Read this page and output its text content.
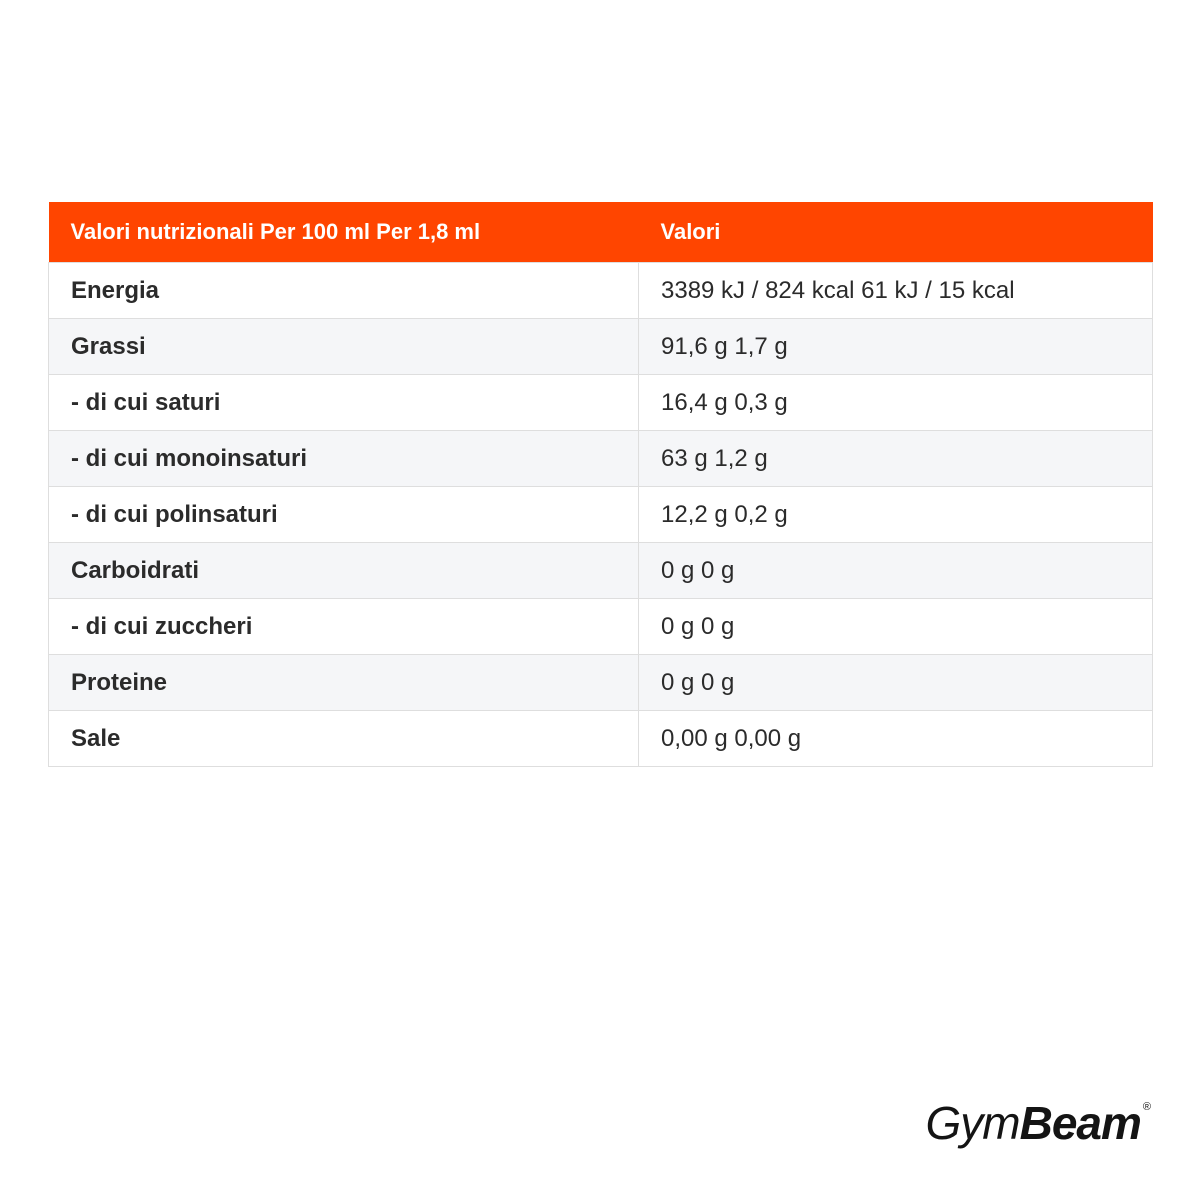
Valori nutrizionali Per 100 ml Per 1,8 ml	Valori
Energia	3389 kJ / 824 kcal 61 kJ / 15 kcal
Grassi	91,6 g 1,7 g
- di cui saturi	16,4 g 0,3 g
- di cui monoinsaturi	63 g 1,2 g
- di cui polinsaturi	12,2 g 0,2 g
Carboidrati	0 g 0 g
- di cui zuccheri	0 g 0 g
Proteine	0 g 0 g
Sale	0,00 g 0,00 g
GymBeam ®
